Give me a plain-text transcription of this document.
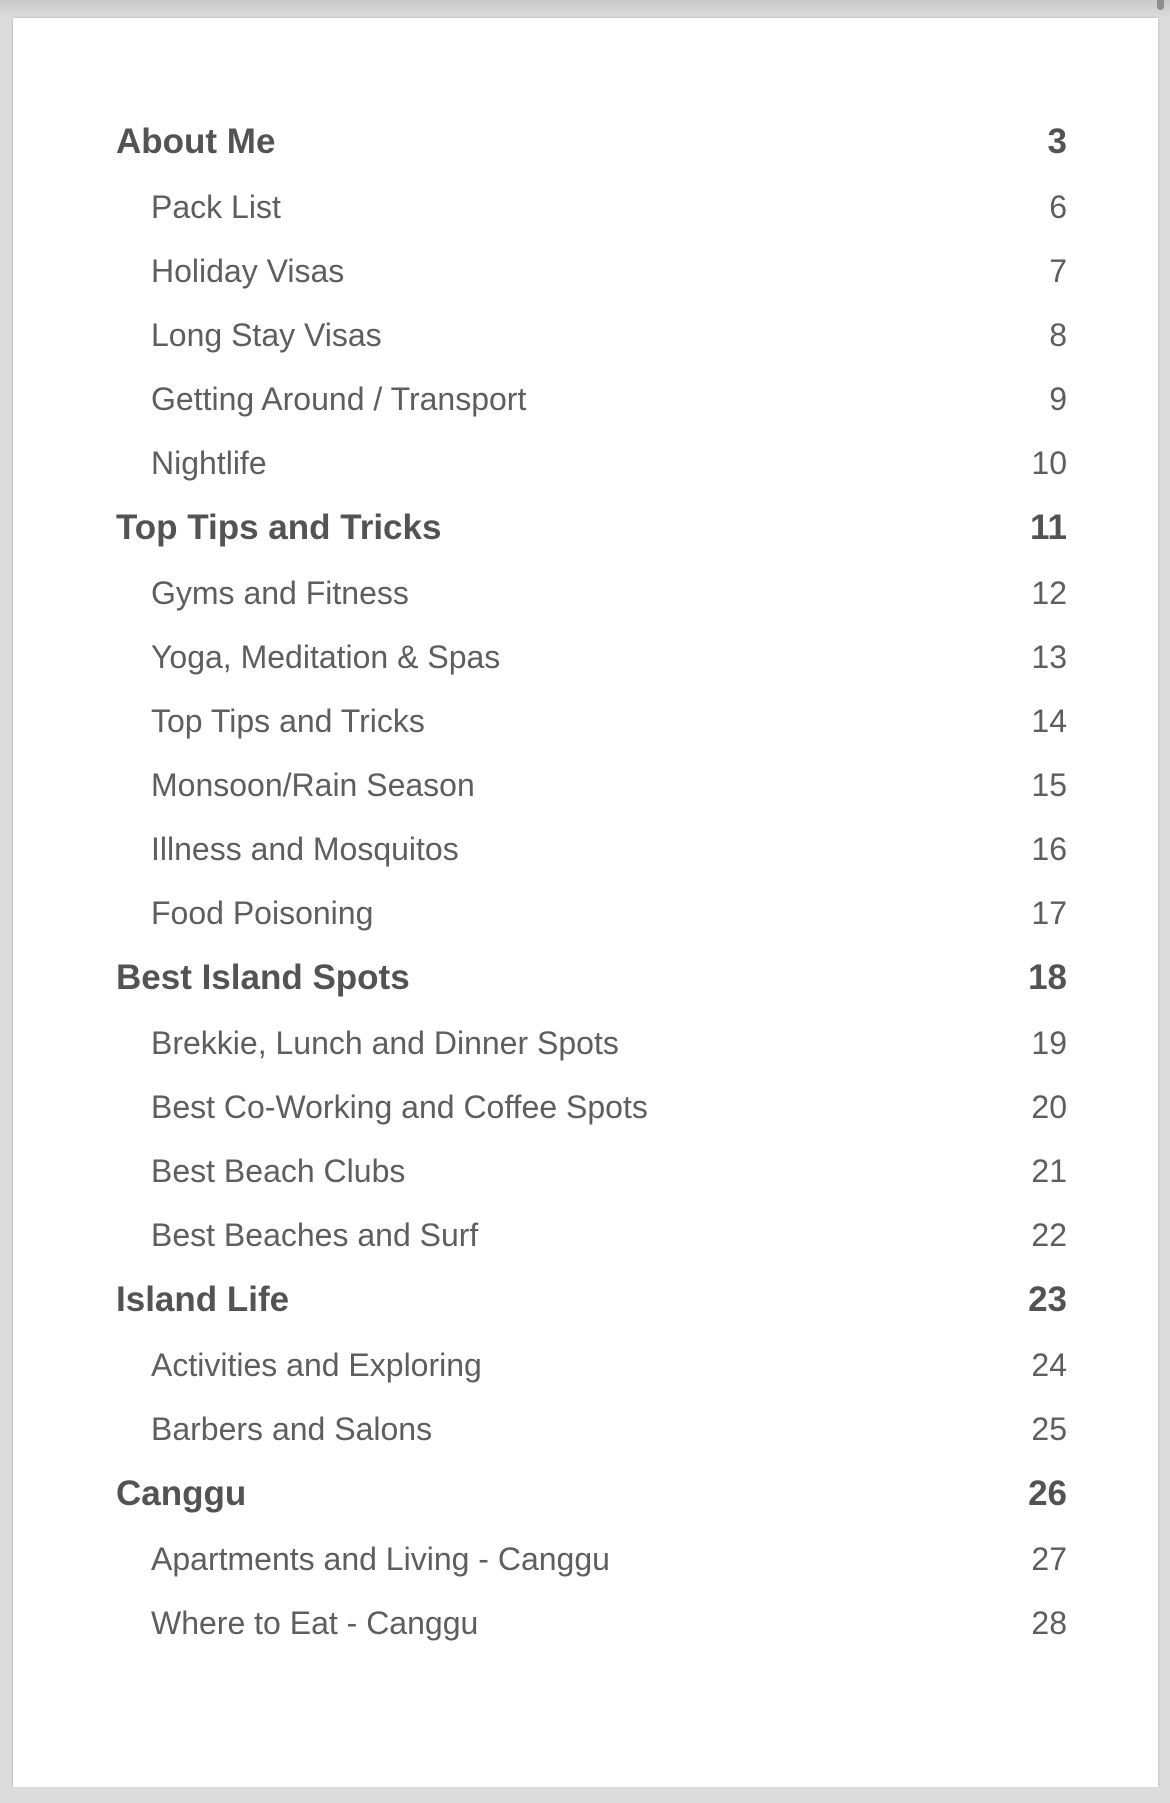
About Me	3
Pack List	6
Holiday Visas	7
Long Stay Visas	8
Getting Around / Transport	9
Nightlife	10
Top Tips and Tricks	11
Gyms and Fitness	12
Yoga, Meditation & Spas	13
Top Tips and Tricks	14
Monsoon/Rain Season	15
Illness and Mosquitos	16
Food Poisoning	17
Best Island Spots	18
Brekkie, Lunch and Dinner Spots	19
Best Co-Working and Coffee Spots	20
Best Beach Clubs	21
Best Beaches and Surf	22
Island Life	23
Activities and Exploring	24
Barbers and Salons	25
Canggu	26
Apartments and Living - Canggu	27
Where to Eat - Canggu	28
